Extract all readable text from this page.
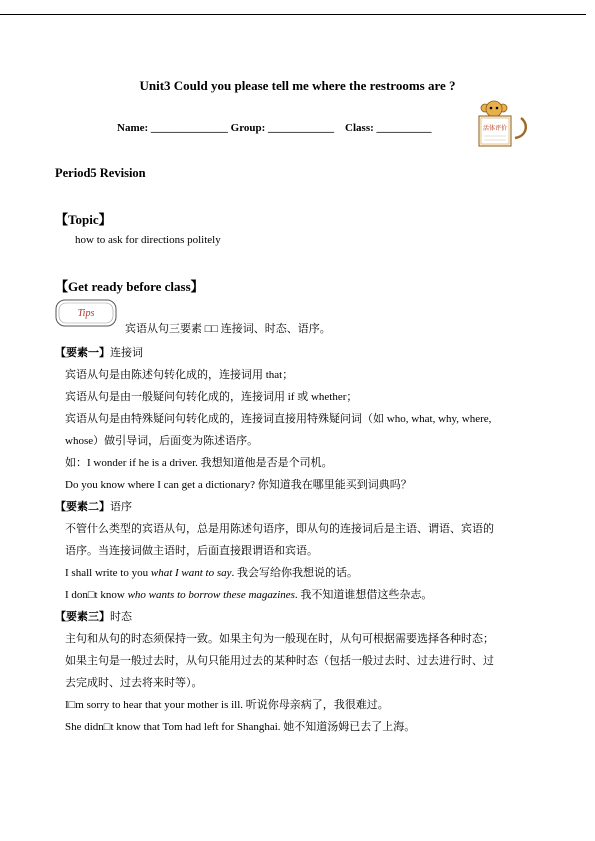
Unit3 Could you please tell me where the restrooms are ?
Name: ______________ Group: ____________    Class: __________	活体评价
Period5 Revision
【Topic】
how to ask for directions politely
【Get ready before class】
Tips
宾语从句三要素 □□ 连接词、时态、语序。
【要素一】连接词
宾语从句是由陈述句转化成的，连接词用 that；
宾语从句是由一般疑问句转化成的，连接词用 if 或 whether；
宾语从句是由特殊疑问句转化成的，连接词直接用特殊疑问词（如 who, what, why, where,
whose）做引导词，后面变为陈述语序。
如：I wonder if he is a driver. 我想知道他是否是个司机。
Do you know where I can get a dictionary? 你知道我在哪里能买到词典吗？
【要素二】语序
不管什么类型的宾语从句，总是用陈述句语序，即从句的连接词后是主语、谓语、宾语的
语序。当连接词做主语时，后面直接跟谓语和宾语。
I shall write to you what I want to say. 我会写给你我想说的话。
I don□t know who wants to borrow these magazines. 我不知道谁想借这些杂志。
【要素三】时态
主句和从句的时态须保持一致。如果主句为一般现在时，从句可根据需要选择各种时态；
如果主句是一般过去时，从句只能用过去的某种时态（包括一般过去时、过去进行时、过
去完成时、过去将来时等）。
I□m sorry to hear that your mother is ill. 听说你母亲病了，我很难过。
She didn□t know that Tom had left for Shanghai. 她不知道汤姆已去了上海。
